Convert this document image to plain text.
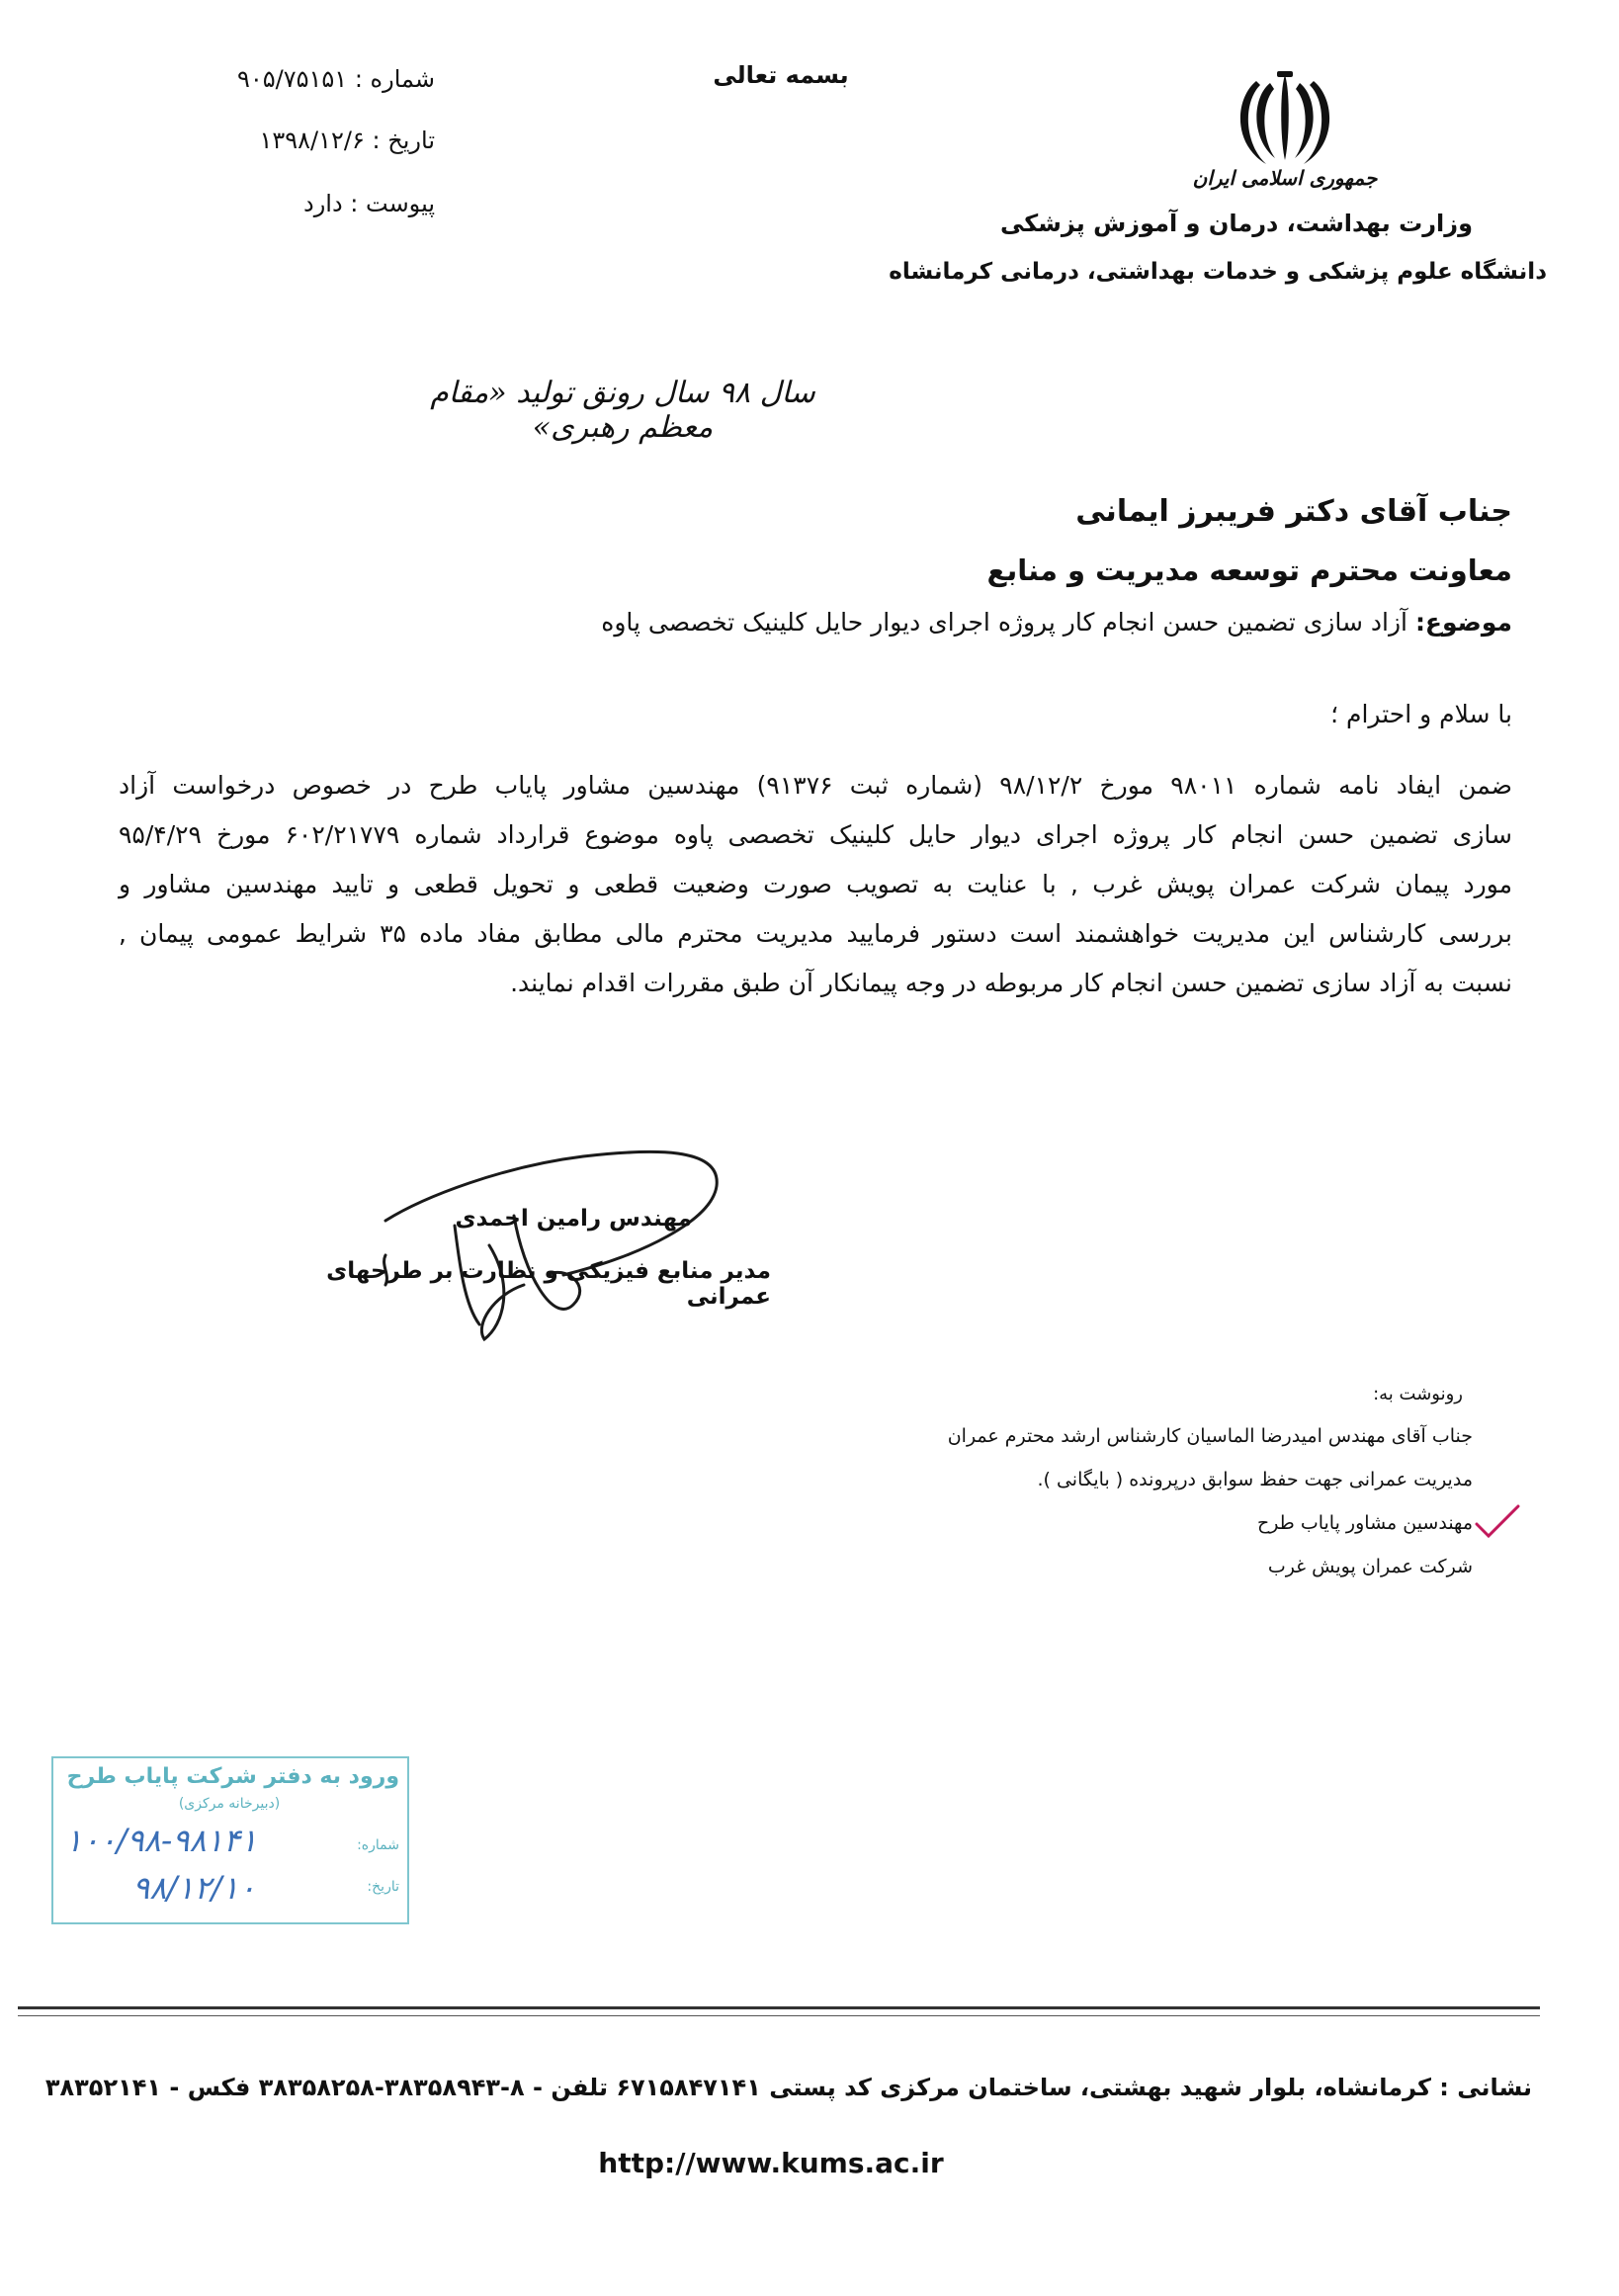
بسمه تعالی
شماره : ۹۰۵/۷۵۱۵۱
تاریخ : ۱۳۹۸/۱۲/۶
پیوست : دارد
جمهوری اسلامی ایران
وزارت بهداشت، درمان و آموزش پزشکی
دانشگاه علوم پزشکی و خدمات بهداشتی، درمانی کرمانشاه
سال ۹۸ سال رونق تولید «مقام معظم رهبری»
جناب آقای دکتر فریبرز ایمانی
معاونت محترم توسعه مدیریت و منابع
موضوع: آزاد سازی تضمین حسن انجام کار پروژه اجرای دیوار حایل کلینیک تخصصی پاوه
با سلام و احترام ؛
ضمن ایفاد نامه شماره ۹۸۰۱۱ مورخ ۹۸/۱۲/۲ (شماره ثبت ۹۱۳۷۶) مهندسین مشاور پایاب طرح در خصوص درخواست آزاد
سازی تضمین حسن انجام کار پروژه اجرای دیوار حایل کلینیک تخصصی پاوه موضوع قرارداد شماره ۶۰۲/۲۱۷۷۹ مورخ ۹۵/۴/۲۹
مورد پیمان شرکت عمران پویش غرب , با عنایت به تصویب صورت وضعیت قطعی و تحویل قطعی و تایید مهندسین مشاور و
بررسی کارشناس این مدیریت خواهشمند است دستور فرمایید مدیریت محترم مالی مطابق مفاد ماده ۳۵ شرایط عمومی پیمان ,
نسبت به آزاد سازی تضمین حسن انجام کار مربوطه در وجه پیمانکار آن طبق مقررات اقدام نمایند.
مهندس رامین احمدی
مدیر منابع فیزیکی و نظارت بر طرحهای عمرانی
رونوشت به:
جناب آقای مهندس امیدرضا الماسیان کارشناس ارشد محترم عمران
مدیریت عمرانی جهت حفظ سوابق درپرونده ( بایگانی ).
مهندسین مشاور پایاب طرح
شرکت عمران پویش غرب
ورود به دفتر شرکت پایاب طرح
(دبیرخانه مرکزی)
شماره:
تاریخ:
۱۰۰/۹۸-۹۸۱۴۱
۹۸/۱۲/۱۰
نشانی : کرمانشاه، بلوار شهید بهشتی، ساختمان مرکزی کد پستی ۶۷۱۵۸۴۷۱۴۱ تلفن - ۸-۳۸۳۵۸۹۴۳-۳۸۳۵۸۲۵۸ فکس - ۳۸۳۵۲۱۴۱
http://www.kums.ac.ir
